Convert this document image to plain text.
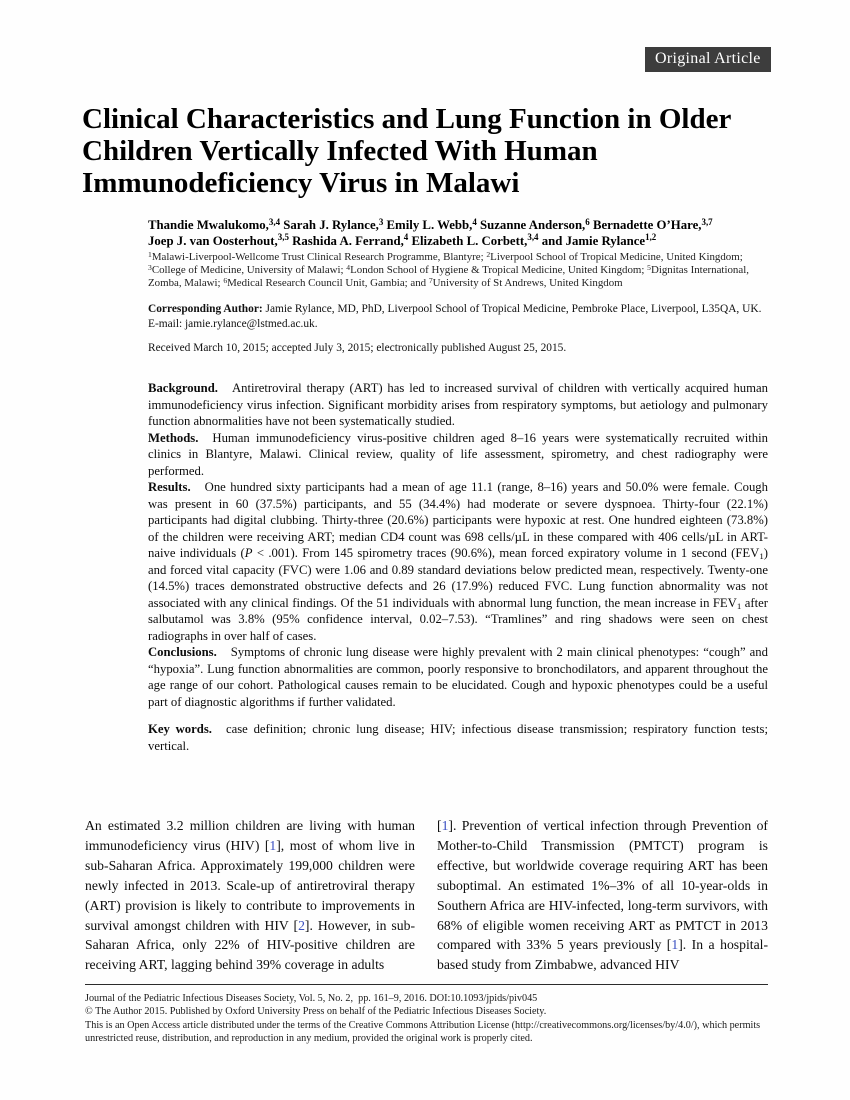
Original Article
Clinical Characteristics and Lung Function in Older
Children Vertically Infected With Human
Immunodeficiency Virus in Malawi
Thandie Mwalukomo,$^{3,4}$ Sarah J. Rylance,$^3$ Emily L. Webb,$^4$ Suzanne Anderson,$^6$ Bernadette O’Hare,$^{3,7}$
Joep J. van Oosterhout,$^{3,5}$ Rashida A. Ferrand,$^4$ Elizabeth L. Corbett,$^{3,4}$ and Jamie Rylance$^{1,2}$
$^1$Malawi-Liverpool-Wellcome Trust Clinical Research Programme, Blantyre; $^2$Liverpool School of Tropical Medicine, United Kingdom; $^3$College of Medicine, University of Malawi; $^4$London School of Hygiene & Tropical Medicine, United Kingdom; $^5$Dignitas International, Zomba, Malawi; $^6$Medical Research Council Unit, Gambia; and $^7$University of St Andrews, United Kingdom
Corresponding Author: Jamie Rylance, MD, PhD, Liverpool School of Tropical Medicine, Pembroke Place, Liverpool, L35QA, UK. E-mail: jamie.rylance@lstmed.ac.uk.
Received March 10, 2015; accepted July 3, 2015; electronically published August 25, 2015.

Background. Antiretroviral therapy (ART) has led to increased survival of children with vertically acquired human immunodeficiency virus infection. Significant morbidity arises from respiratory symptoms, but aetiology and pulmonary function abnormalities have not been systematically studied.

Methods. Human immunodeficiency virus-positive children aged 8–16 years were systematically recruited within clinics in Blantyre, Malawi. Clinical review, quality of life assessment, spirometry, and chest radiography were performed.

Results. One hundred sixty participants had a mean of age 11.1 (range, 8–16) years and 50.0% were female. Cough was present in 60 (37.5%) participants, and 55 (34.4%) had moderate or severe dyspnoea. Thirty-four (22.1%) participants had digital clubbing. Thirty-three (20.6%) participants were hypoxic at rest. One hundred eighteen (73.8%) of the children were receiving ART; median CD4 count was 698 cells/µL in these compared with 406 cells/µL in ART-naive individuals (P < .001). From 145 spirometry traces (90.6%), mean forced expiratory volume in 1 second $(FEV_1)$ and forced vital capacity (FVC) were 1.06 and 0.89 standard deviations below predicted mean, respectively. Twenty-one (14.5%) traces demonstrated obstructive defects and 26 (17.9%) reduced FVC. Lung function abnormality was not associated with any clinical findings. Of the 51 individuals with abnormal lung function, the mean increase in $FEV_1$ after salbutamol was 3.8% (95% confidence interval, 0.02–7.53). “Tramlines” and ring shadows were seen on chest radiographs in over half of cases.

Conclusions. Symptoms of chronic lung disease were highly prevalent with 2 main clinical phenotypes: “cough” and “hypoxia”. Lung function abnormalities are common, poorly responsive to bronchodilators, and apparent throughout the age range of our cohort. Pathological causes remain to be elucidated. Cough and hypoxic phenotypes could be a useful part of diagnostic algorithms if further validated.

Key words. case definition; chronic lung disease; HIV; infectious disease transmission; respiratory function tests; vertical.

An estimated 3.2 million children are living with human immunodeficiency virus (HIV) [1], most of whom live in sub-Saharan Africa. Approximately 199,000 children were newly infected in 2013. Scale-up of antiretroviral therapy (ART) provision is likely to contribute to improvements in survival amongst children with HIV [2]. However, in sub-Saharan Africa, only 22% of HIV-positive children are receiving ART, lagging behind 39% coverage in adults
[1]. Prevention of vertical infection through Prevention of Mother-to-Child Transmission (PMTCT) program is effective, but worldwide coverage requiring ART has been suboptimal. An estimated 1%–3% of all 10-year-olds in Southern Africa are HIV-infected, long-term survivors, with 68% of eligible women receiving ART as PMTCT in 2013 compared with 33% 5 years previously [1]. In a hospital-based study from Zimbabwe, advanced HIV
Journal of the Pediatric Infectious Diseases Society, Vol. 5, No. 2,  pp. 161–9, 2016. DOI:10.1093/jpids/piv045
© The Author 2015. Published by Oxford University Press on behalf of the Pediatric Infectious Diseases Society.
This is an Open Access article distributed under the terms of the Creative Commons Attribution License (http://creativecommons.org/licenses/by/4.0/), which permits
unrestricted reuse, distribution, and reproduction in any medium, provided the original work is properly cited.
